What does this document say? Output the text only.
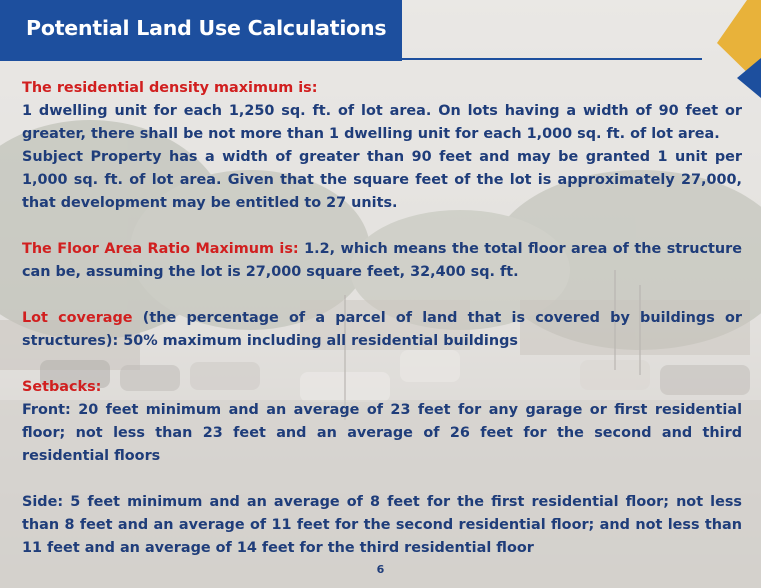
Potential Land Use Calculations

The residential density maximum is:

1 dwelling unit for each 1,250 sq. ft. of lot area. On lots having a width of 90 feet or greater, there shall be not more than 1 dwelling unit for each 1,000 sq. ft. of lot area.

Subject Property has a width of greater than 90 feet and may be granted 1 unit per 1,000 sq. ft. of lot area. Given that the square feet of the lot is approximately 27,000, that development may be entitled to 27 units.

The Floor Area Ratio Maximum is: 1.2, which means the total floor area of the structure can be, assuming the lot is 27,000 square feet, 32,400 sq. ft.

Lot coverage (the percentage of a parcel of land that is covered by buildings or structures): 50% maximum including all residential buildings

Setbacks:

Front: 20 feet minimum and an average of 23 feet for any garage or first residential floor; not less than 23 feet and an average of 26 feet for the second and third residential floors

Side: 5 feet minimum and an average of 8 feet for the first residential floor; not less than 8 feet and an average of 11 feet for the second residential floor; and not less than 11 feet and an average of 14 feet for the third residential floor

6
